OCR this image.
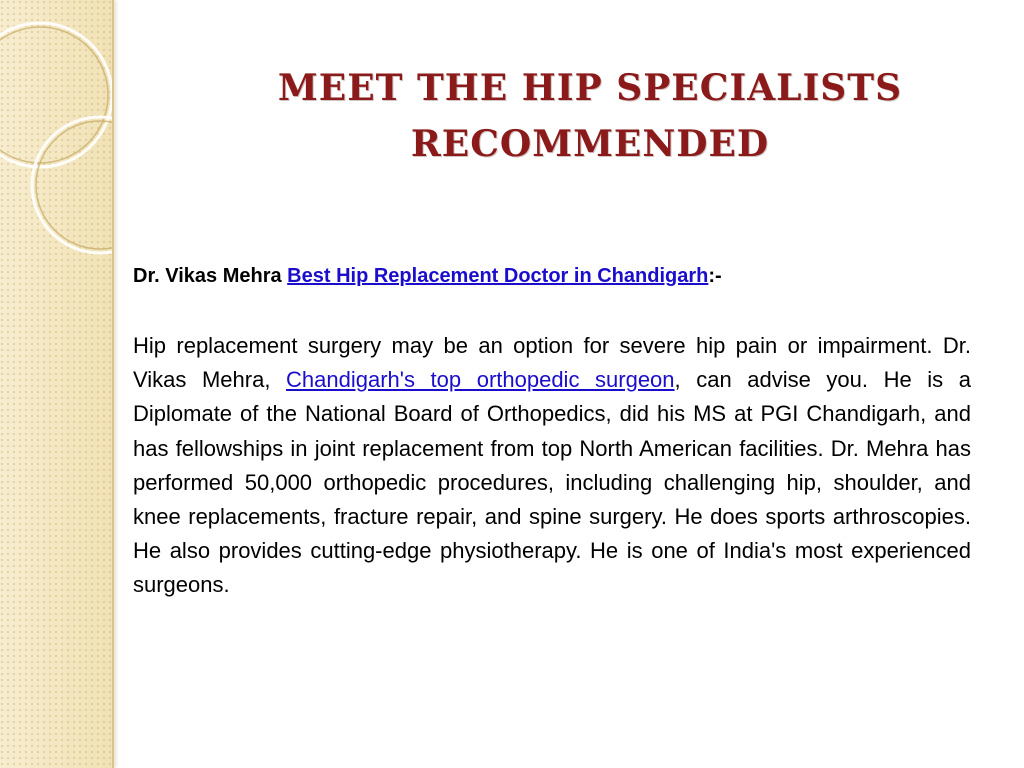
MEET THE HIP SPECIALISTS RECOMMENDED
Dr. Vikas Mehra Best Hip Replacement Doctor in Chandigarh:-

Hip replacement surgery may be an option for severe hip pain or impairment. Dr. Vikas Mehra, Chandigarh's top orthopedic surgeon, can advise you. He is a Diplomate of the National Board of Orthopedics, did his MS at PGI Chandigarh, and has fellowships in joint replacement from top North American facilities. Dr. Mehra has performed 50,000 orthopedic procedures, including challenging hip, shoulder, and knee replacements, fracture repair, and spine surgery. He does sports arthroscopies. He also provides cutting-edge physiotherapy. He is one of India's most experienced surgeons.
